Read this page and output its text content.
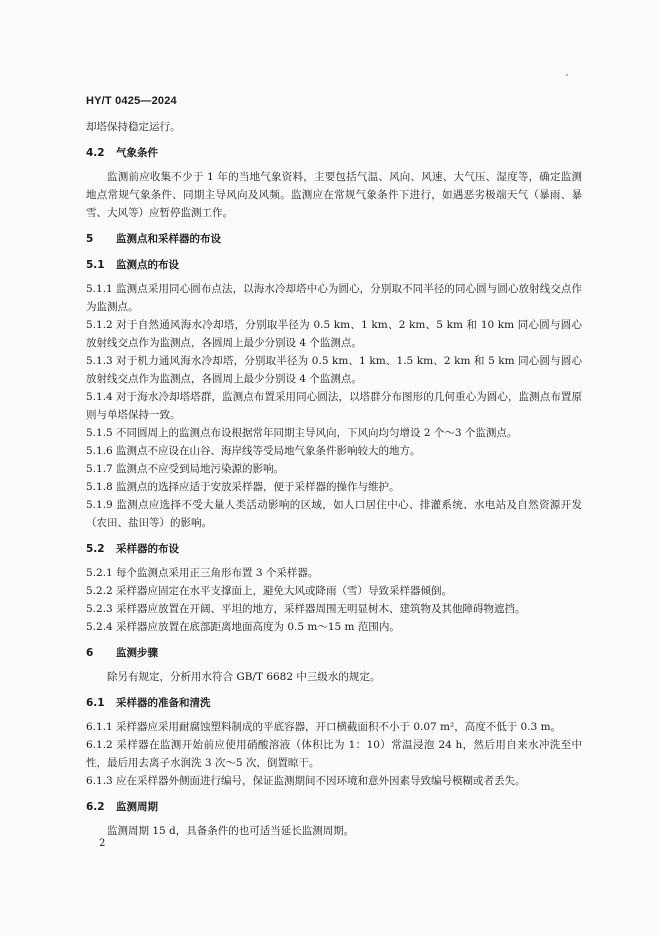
HY/T 0425—2024

却塔保持稳定运行。

4.2 气象条件

监测前应收集不少于 1 年的当地气象资料，主要包括气温、风向、风速、大气压、湿度等，确定监测地点常规气象条件、同期主导风向及风频。监测应在常规气象条件下进行，如遇恶劣极端天气（暴雨、暴雪、大风等）应暂停监测工作。

5 监测点和采样器的布设

5.1 监测点的布设

5.1.1 监测点采用同心圆布点法，以海水冷却塔中心为圆心，分别取不同半径的同心圆与圆心放射线交点作为监测点。

5.1.2 对于自然通风海水冷却塔，分别取半径为 0.5 km、1 km、2 km、5 km 和 10 km 同心圆与圆心放射线交点作为监测点，各圆周上最少分别设 4 个监测点。

5.1.3 对于机力通风海水冷却塔，分别取半径为 0.5 km、1 km、1.5 km、2 km 和 5 km 同心圆与圆心放射线交点作为监测点，各圆周上最少分别设 4 个监测点。

5.1.4 对于海水冷却塔塔群，监测点布置采用同心圆法，以塔群分布图形的几何重心为圆心，监测点布置原则与单塔保持一致。

5.1.5 不同圆周上的监测点布设根据常年同期主导风向，下风向均匀增设 2 个～3 个监测点。

5.1.6 监测点不应设在山谷、海岸线等受局地气象条件影响较大的地方。

5.1.7 监测点不应受到局地污染源的影响。

5.1.8 监测点的选择应适于安放采样器，便于采样器的操作与维护。

5.1.9 监测点应选择不受大量人类活动影响的区域，如人口居住中心、排灌系统、水电站及自然资源开发（农田、盐田等）的影响。

5.2 采样器的布设

5.2.1 每个监测点采用正三角形布置 3 个采样器。

5.2.2 采样器应固定在水平支撑面上，避免大风或降雨（雪）导致采样器倾倒。

5.2.3 采样器应放置在开阔、平坦的地方，采样器周围无明显树木、建筑物及其他障碍物遮挡。

5.2.4 采样器应放置在底部距离地面高度为 0.5 m～15 m 范围内。

6 监测步骤

除另有规定，分析用水符合 GB/T 6682 中三级水的规定。

6.1 采样器的准备和清洗

6.1.1 采样器应采用耐腐蚀塑料制成的平底容器，开口横截面积不小于 0.07 m²，高度不低于 0.3 m。

6.1.2 采样器在监测开始前应使用硝酸溶液（体积比为 1：10）常温浸泡 24 h，然后用自来水冲洗至中性，最后用去离子水润洗 3 次～5 次，倒置晾干。

6.1.3 应在采样器外侧面进行编号，保证监测期间不因环境和意外因素导致编号模糊或者丢失。

6.2 监测周期

监测周期 15 d，具备条件的也可适当延长监测周期。

2
